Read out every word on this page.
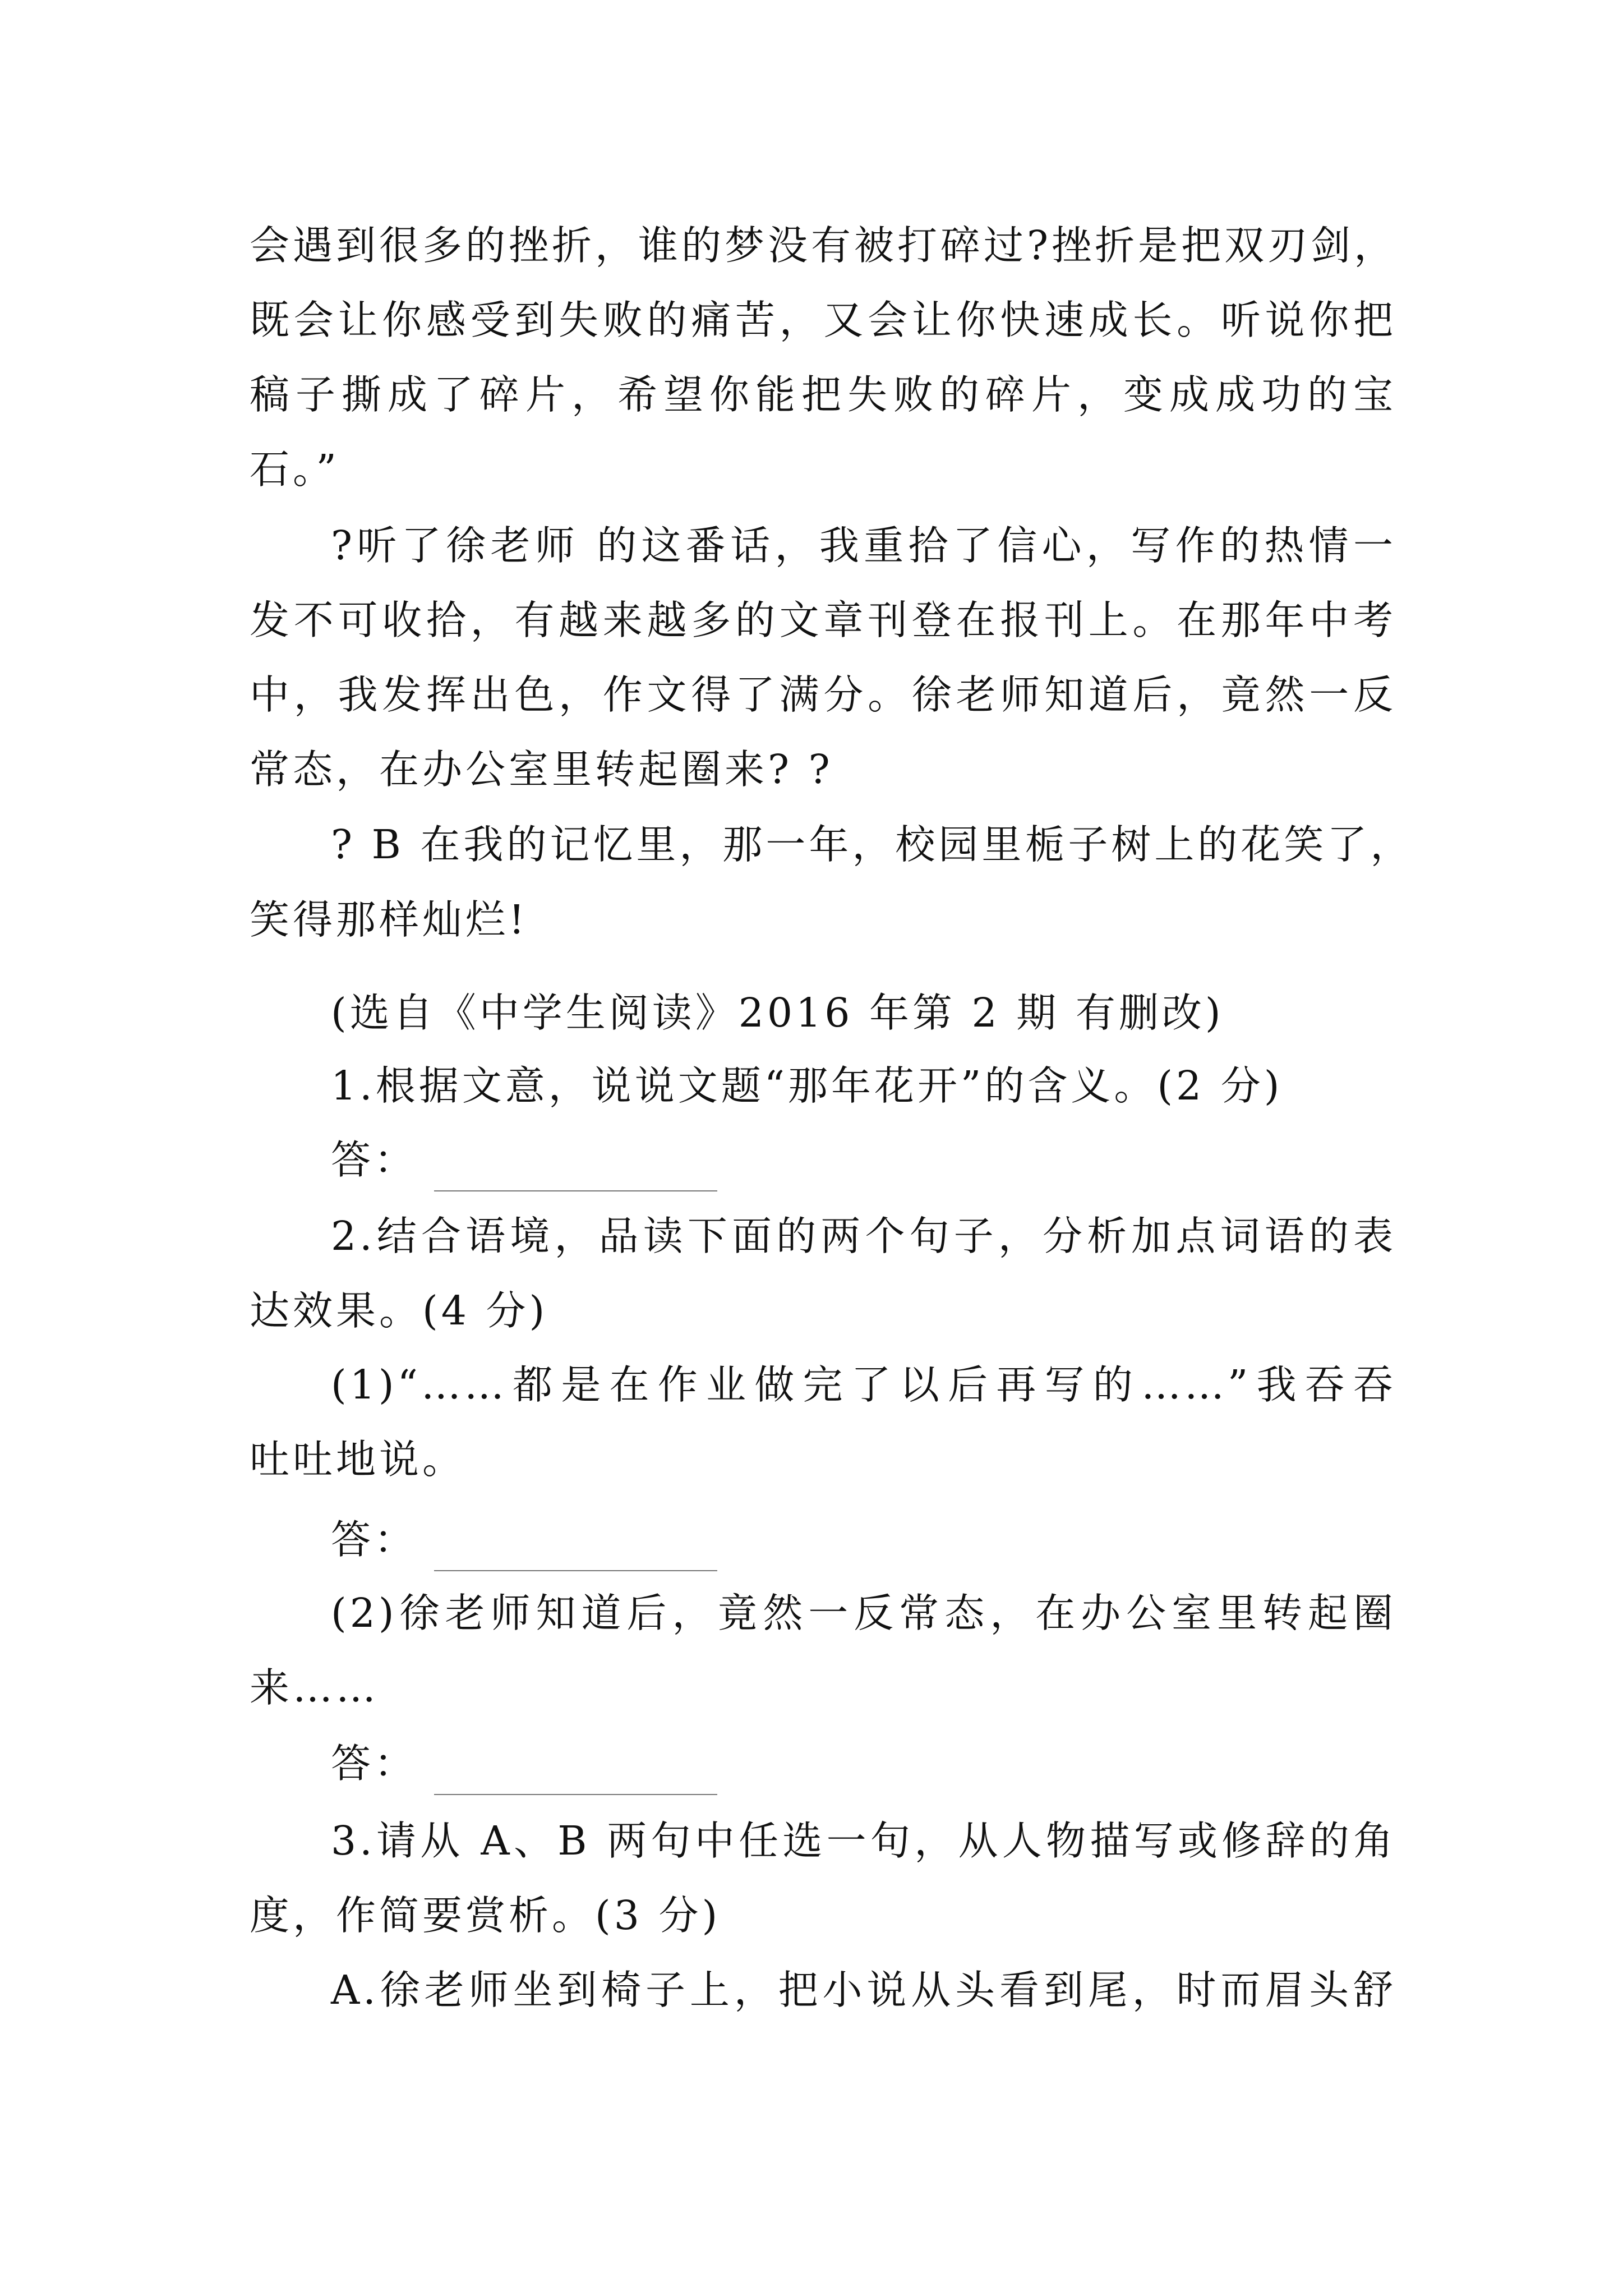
会遇到很多的挫折，谁的梦没有被打碎过?挫折是把双刃剑，
既会让你感受到失败的痛苦，又会让你快速成长。听说你把
稿子撕成了碎片，希望你能把失败的碎片，变成成功的宝
石。”
?听了徐老师 的这番话，我重拾了信心，写作的热情一
发不可收拾，有越来越多的文章刊登在报刊上。在那年中考
中，我发挥出色，作文得了满分。徐老师知道后，竟然一反
常态，在办公室里转起圈来? ?
? B 在我的记忆里，那一年，校园里栀子树上的花笑了，
笑得那样灿烂!
(选自《中学生阅读》2016 年第 2 期 有删改)
1.根据文意，说说文题“那年花开”的含义。(2 分)
答：
2.结合语境，品读下面的两个句子，分析加点词语的表
达效果。(4 分)
(1)“……都是在作业做完了以后再写的……”我吞吞
吐吐地说。
答：
(2)徐老师知道后，竟然一反常态，在办公室里转起圈
来……
答：
3.请从 A、B 两句中任选一句，从人物描写或修辞的角
度，作简要赏析。(3 分)
A.徐老师坐到椅子上，把小说从头看到尾，时而眉头舒
